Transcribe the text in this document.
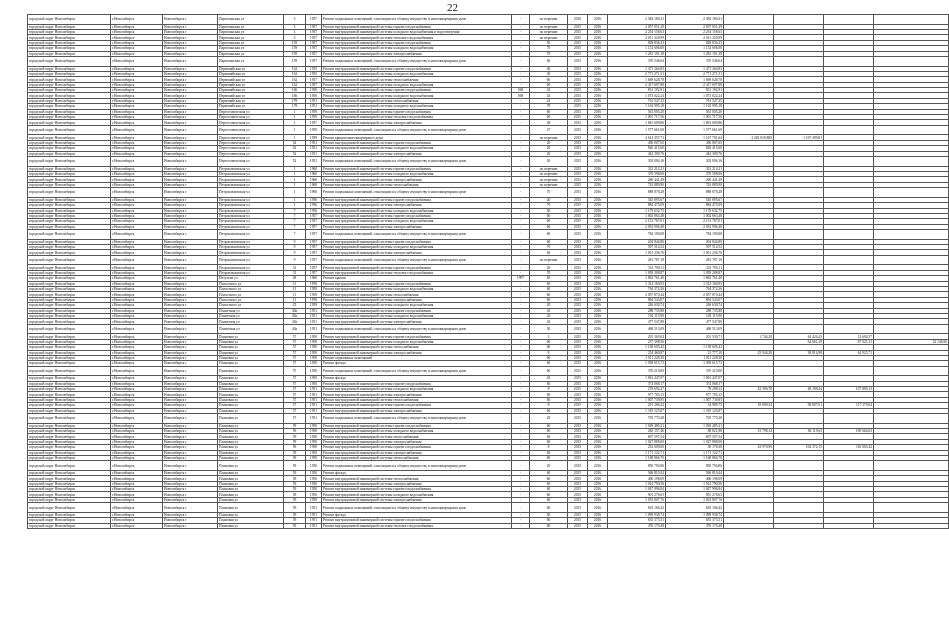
22
городской округ Новосибирск	г.Новосибирск	Новосибирск г	Партизанская ул	3	1957	Ремонт подвальных помещений, относящихся к общему имуществу в многоквартирном доме	-	по перечню	2016	2016	2 384 180,41	2 384 180,41				
городской округ Новосибирск	г.Новосибирск	Новосибирск г	Партизанская ул	3	1957	Ремонт внутридомовой инженерной системы горячего водоснабжения	-	по перечню	2015	2016	2 057 051,29	2 057 051,29				
городской округ Новосибирск	г.Новосибирск	Новосибирск г	Партизанская ул	3	1957	Ремонт внутридомовой инженерной системы холодного водоснабжения и водоотведения	-	по перечню	2015	2016	2 254 158,63	2 254 158,63				
городской округ Новосибирск	г.Новосибирск	Новосибирск г	Партизанская ул	3	1957	Ремонт внутридомовой инженерной системы теплового водоснабжения	-	по перечню	2015	2016	2 011 320,99	2 011 320,99				
городской округ Новосибирск	г.Новосибирск	Новосибирск г	Партизанская ул	159	1957	Ремонт внутридомовой инженерной системы горячего водоснабжения	-	50	2015	2016	828 836,23	828 836,23				
городской округ Новосибирск	г.Новосибирск	Новосибирск г	Партизанская ул	159	1957	Ремонт внутридомовой инженерной системы холодного водоснабжения	-	70	2015	2016	1 152 606,00	1 152 606,00				
городской округ Новосибирск	г.Новосибирск	Новосибирск г	Партизанская ул	159	1957	Ремонт внутридомовой инженерной системы электроснабжения	-	70	2015	2016	1 281 191,38	1 281 191,38				
городской округ Новосибирск	г.Новосибирск	Новосибирск г	Партизанская ул	159	1957	Ремонт подвальных помещений, относящихся к общему имуществу в многоквартирном доме	-	60	2015	2016	370 546,64	370 546,64				
городской округ Новосибирск	г.Новосибирск	Новосибирск г	Первомайская ул	162	1955	Ремонт внутридомовой инженерной системы горячего водоснабжения	-	40	2015	2016	1 471 364,83	1 471 364,83				
городской округ Новосибирск	г.Новосибирск	Новосибирск г	Первомайская ул	162	1955	Ремонт внутридомовой инженерной системы холодного водоснабжения	-	30	2015	2016	2 771 271,51	2 771 271,51				
городской округ Новосибирск	г.Новосибирск	Новосибирск г	Первомайская ул	162	1957	Ремонт внутридомовой инженерной системы теплоснабжения	-	60	2015	2016	1 669 628,78	1 669 628,78				
городской округ Новосибирск	г.Новосибирск	Новосибирск г	Первомайская ул	162	1957	Ремонт внутридомовой инженерной системы холодного водоснабжения	-	60	2015	2016	2 417 697,88	2 417 697,88				
городской округ Новосибирск	г.Новосибирск	Новосибирск г	Первомайская ул	166	1956	Ремонт внутридомовой инженерной системы горячего водоснабжения	568	43	2015	2016	831 192,91	831 192,91				
городской округ Новосибирск	г.Новосибирск	Новосибирск г	Первомайская ул	166	1956	Ремонт внутридомовой инженерной системы холодного водоснабжения	568	43	2015	2016	1 073 022,24	1 073 022,24				
городской округ Новосибирск	г.Новосибирск	Новосибирск г	Первомайская ул	178	1951	Ремонт внутридомовой инженерной системы теплоснабжения	-	22	2015	2016	761 547,25	761 547,25				
городской округ Новосибирск	г.Новосибирск	Новосибирск г	Первомайская ул	178	1951	Ремонт внутридомовой инженерной системы холодного водоснабжения	-	78	2015	2016	1 163 995,18	1 163 995,18				
городской округ Новосибирск	г.Новосибирск	Новосибирск г	Переселенческая ул	1	1959	Ремонт внутридомовой инженерной системы горячего водоснабжения	-	60	2015	2016	561 005,20	561 005,20				
городской округ Новосибирск	г.Новосибирск	Новосибирск г	Переселенческая ул	1	1959	Ремонт внутридомовой инженерной системы теплового водоснабжения	-	60	2015	2016	1 001 717,56	1 001 717,56				
городской округ Новосибирск	г.Новосибирск	Новосибирск г	Переселенческая ул	1	1957	Ремонт внутридомовой инженерной системы электроснабжения	-	48	2015	2016	1 861 609,86	1 861 609,86				
городской округ Новосибирск	г.Новосибирск	Новосибирск г	Переселенческая ул	1	1959	Ремонт подвальных помещений, относящихся к общему имуществу в многоквартирном доме	-	27	2015	2016	1 577 661,69	1 577 661,69				
городской округ Новосибирск	г.Новосибирск	Новосибирск г	Переселенческая ул	1	1959	Ремонт крыши многоквартирного дома	-	по перечню	2015	2016	4 612 357,71	1 167 701,64	2 281 818,809	1 167 299,81		
городской округ Новосибирск	г.Новосибирск	Новосибирск г	Переселенческая ул	52	1951	Ремонт внутридомовой инженерной системы горячего водоснабжения	-	20	2015	2016	456 007,65	456 007,65				
городской округ Новосибирск	г.Новосибирск	Новосибирск г	Переселенческая ул	52	1951	Ремонт внутридомовой инженерной системы холодного водоснабжения	-	20	2015	2016	826 415,60	826 415,60				
городской округ Новосибирск	г.Новосибирск	Новосибирск г	Переселенческая ул	52	1951	Ремонт внутридомовой инженерной системы электроснабжения	-	20	2015	2016	442 309,76	442 309,76				
городской округ Новосибирск	г.Новосибирск	Новосибирск г	Переселенческая ул	52	1951	Ремонт подвальных помещений, относящихся к общему имуществу в многоквартирном доме	-	20	2015	2016	302 094,16	302 094,16				
городской округ Новосибирск	г.Новосибирск	Новосибирск г	Петропавловская ул	1	1960	Ремонт внутридомовой инженерной системы горячего водоснабжения	-	по перечню	2015	2016	312 214,21	312 214,21				
городской округ Новосибирск	г.Новосибирск	Новосибирск г	Петропавловская ул	1	1960	Ремонт внутридомовой инженерной системы холодного водоснабжения	-	по перечню	2015	2016	370 598,06	370 598,06				
городской округ Новосибирск	г.Новосибирск	Новосибирск г	Петропавловская ул	1	1960	Ремонт внутридомовой инженерной системы электроснабжения	-	по перечню	2015	2016	260 441,49	260 441,49				
городской округ Новосибирск	г.Новосибирск	Новосибирск г	Петропавловская ул	1	1960	Ремонт внутридомовой инженерной системы теплоснабжения	-	по перечню	2015	2016	743 889,90	743 889,90				
городской округ Новосибирск	г.Новосибирск	Новосибирск г	Петропавловская ул	1	1960	Ремонт подвальных помещений, относящихся к общему имуществу в многоквартирном доме	-	70	2015	2016	888 878,28	888 878,28				
городской округ Новосибирск	г.Новосибирск	Новосибирск г	Петропавловская ул	1	1956	Ремонт внутридомовой инженерной системы горячего водоснабжения	-	20	2015	2016	545 895,67	545 895,67				
городской округ Новосибирск	г.Новосибирск	Новосибирск г	Петропавловская ул	1	1956	Ремонт внутридомовой инженерной системы электроснабжения	-	70	2015	2016	884 475,09	884 475,09				
городской округ Новосибирск	г.Новосибирск	Новосибирск г	Петропавловская ул	7	1956	Ремонт внутридомовой инженерной системы холодного водоснабжения	-	60	2015	2016	1 179 632,75	1 179 632,75				
городской округ Новосибирск	г.Новосибирск	Новосибирск г	Петропавловская ул	7	1957	Ремонт внутридомовой инженерной системы горячего водоснабжения	-	60	2015	2016	1 002 863,48	1 002 863,48				
городской округ Новосибирск	г.Новосибирск	Новосибирск г	Петропавловская ул	7	1957	Ремонт внутридомовой инженерной системы холодного водоснабжения	-	60	2015	2016	2 131 767,01	2 131 767,01				
городской округ Новосибирск	г.Новосибирск	Новосибирск г	Петропавловская ул	7	1957	Ремонт внутридомовой инженерной системы электроснабжения	-	60	2015	2016	2 052 906,48	2 052 906,48				
городской округ Новосибирск	г.Новосибирск	Новосибирск г	Петропавловская ул	7	1957	Ремонт подвальных помещений, относящихся к общему имуществу в многоквартирном доме	-	60	2015	2016	784 190,08	784 190,08				
городской округ Новосибирск	г.Новосибирск	Новосибирск г	Петропавловская ул	9	1957	Ремонт внутридомовой инженерной системы горячего водоснабжения	-	60	2015	2016	204 844,80	204 844,80				
городской округ Новосибирск	г.Новосибирск	Новосибирск г	Петропавловская ул	9	1957	Ремонт внутридомовой инженерной системы холодного водоснабжения	-	70	2015	2016	597 514,52	597 514,52				
городской округ Новосибирск	г.Новосибирск	Новосибирск г	Петропавловская ул	9	1957	Ремонт внутридомовой инженерной системы электроснабжения	-	60	2015	2016	1 051 236,76	1 051 236,76				
городской округ Новосибирск	г.Новосибирск	Новосибирск г	Петропавловская ул	9	1957	Ремонт подвальных помещений, относящихся к общему имуществу в многоквартирном доме	-	по перечню	2015	2016	281 787,18	281 787,18				
городской округ Новосибирск	г.Новосибирск	Новосибирск г	Петропавловская ул	31	1957	Ремонт внутридомовой инженерной системы горячего водоснабжения	-	20	2015	2016	331 790,11	331 790,11				
городской округ Новосибирск	г.Новосибирск	Новосибирск г	Петропавловская ул	31	1957	Ремонт внутридомовой инженерной системы теплового водоснабжения	-	70	2015	2016	1 059 208,87	1 059 208,87				
городской округ Новосибирск	г.Новосибирск	Новосибирск г	Петухова ул	48	1960	Ремонт крыши	1997	65	2015	2016	1 863 761,40	1 863 761,40				
городской округ Новосибирск	г.Новосибирск	Новосибирск г	Плахотного ул	11	1959	Ремонт внутридомовой инженерной системы горячего водоснабжения	-	60	2015	2016	1 312 160,93	1 312 160,93				
городской округ Новосибирск	г.Новосибирск	Новосибирск г	Плахотного ул	11	1959	Ремонт внутридомовой инженерной системы холодного водоснабжения	-	60	2015	2016	764 374,36	764 374,36				
городской округ Новосибирск	г.Новосибирск	Новосибирск г	Плахотного ул	11	1959	Ремонт внутридомовой инженерной системы теплоснабжения	-	60	2015	2016	2 057 870,44	2 057 870,44				
городской округ Новосибирск	г.Новосибирск	Новосибирск г	Плахотного ул	11	1959	Ремонт внутридомовой инженерной системы электроснабжения	-	60	2015	2016	894 543,07	894 543,07				
городской округ Новосибирск	г.Новосибирск	Новосибирск г	Плахотного ул	25	1959	Ремонт внутридомовой инженерной системы холодного водоснабжения	-	20	2015	2016	246 630,74	246 630,74				
городской округ Новосибирск	г.Новосибирск	Новосибирск г	Планетная ул	40а	1951	Ремонт внутридомовой инженерной системы горячего водоснабжения	-	43	2015	2016	288 735,88	288 735,88				
городской округ Новосибирск	г.Новосибирск	Новосибирск г	Планетная ул	40а	1951	Ремонт внутридомовой инженерной системы холодного водоснабжения	-	43	2015	2016	102 115,90	102 115,90				
городской округ Новосибирск	г.Новосибирск	Новосибирск г	Планетная ул	40а	1951	Ремонт внутридомовой инженерной системы электроснабжения	-	43	2015	2016	477 547,89	477 547,89				
городской округ Новосибирск	г.Новосибирск	Новосибирск г	Планетная ул	40а	1951	Ремонт подвальных помещений, относящихся к общему имуществу в многоквартирном доме	-	30	2015	2016	468 513,09	468 513,09				
городской округ Новосибирск	г.Новосибирск	Новосибирск г	Плановая ул	57	1950	Ремонт внутридомовой инженерной системы горячего водоснабжения	-	3	2015	2016	201 369,04	201 530,71	1 744,28	44 424,43	12 694,57	
городской округ Новосибирск	г.Новосибирск	Новосибирск г	Плановая ул	57	1950	Ремонт внутридомовой инженерной системы холодного водоснабжения	-	60	2015	2016	237 398,56			64 661,29	67 021,31	32 146,96
городской округ Новосибирск	г.Новосибирск	Новосибирск г	Плановая ул	57	1950	Ремонт внутридомовой инженерной системы теплоснабжения	-	60	2015	2016	1 138 605,42	1 138 605,42				
городской округ Новосибирск	г.Новосибирск	Новосибирск г	Плановая ул	57	1950	Ремонт внутридомовой инженерной системы электроснабжения	-	8	2015	2016	254 460,87	21 777,10	25 944,20	38 814,98	44 925,71	
городской округ Новосибирск	г.Новосибирск	Новосибирск г	Плановая ул	57	1950	Ремонт подвальных помещений	-	60	2015	2016	1 011 228,30	1 011 228,30				
городской округ Новосибирск	г.Новосибирск	Новосибирск г	Плановая ул	57	1950	Ремонт фасада	-	60	2015	2016	1 058 615,73	1 058 615,73				
городской округ Новосибирск	г.Новосибирск	Новосибирск г	Плановая ул	57	1950	Ремонт подвальных помещений, относящихся к общему имуществу в многоквартирном доме	-	60	2015	2016	370 210,00	370 210,00				
городской округ Новосибирск	г.Новосибирск	Новосибирск г	Плановая ул	57	1950	Ремонт фасада	-	43	2015	2016	1 061 447,07	1 061 447,07				
городской округ Новосибирск	г.Новосибирск	Новосибирск г	Плановая ул	57	1950	Ремонт внутридомовой инженерной системы горячего водоснабжения	-	60	2015	2016	374 068,17	374 068,17				
городской округ Новосибирск	г.Новосибирск	Новосибирск г	Плановая ул	57	1951	Ремонт внутридомовой инженерной системы холодного водоснабжения	-	8	2015	2016	278 692,47	78 298,12	43 396,78	48 188,44	107 809,13	
городской округ Новосибирск	г.Новосибирск	Новосибирск г	Плановая ул	57	1951	Ремонт внутридомовой инженерной системы электроснабжения	-	60	2015	2016	977 705,15	977 705,15				
городской округ Новосибирск	г.Новосибирск	Новосибирск г	Плановая ул	57	1951	Ремонт внутридомовой инженерной системы теплоснабжения	-	60	2015	2016	1 007 739,85	1 007 739,85				
городской округ Новосибирск	г.Новосибирск	Новосибирск г	Плановая ул	57	1951	Ремонт внутридомовой инженерной системы горячего водоснабжения	-	8	2015	2016	291 286,42	34 989,75	18 809,34	58 807,61	117 379,04	
городской округ Новосибирск	г.Новосибирск	Новосибирск г	Плановая ул	57	1951	Ремонт внутридомовой инженерной системы электроснабжения	-	60	2015	2016	1 319 125,87	1 319 125,87				
городской округ Новосибирск	г.Новосибирск	Новосибирск г	Плановая ул	57	1951	Ремонт подвальных помещений, относящихся к общему имуществу в многоквартирном доме	-	20	2015	2016	705 770,28	705 770,28				
городской округ Новосибирск	г.Новосибирск	Новосибирск г	Плановая ул	59	1950	Ремонт внутридомовой инженерной системы горячего водоснабжения	-	60	2015	2016	1 029 485,21	1 029 485,21				
городской округ Новосибирск	г.Новосибирск	Новосибирск г	Плановая ул	59	1950	Ремонт внутридомовой инженерной системы холодного водоснабжения	-	60	2015	2016	265 157,46	88 821,88	15 798,14	84 119,63	100 664,63	
городской округ Новосибирск	г.Новосибирск	Новосибирск г	Плановая ул	59	1950	Ремонт внутридомовой инженерной системы теплоснабжения	-	60	2015	2016	697 597,54	697 597,54				
городской округ Новосибирск	г.Новосибирск	Новосибирск г	Плановая ул	59	1950	Ремонт внутридомовой инженерной системы электроснабжения	-	60	2015	2016	1 027 888,00	1 027 888,00				
городской округ Новосибирск	г.Новосибирск	Новосибирск г	Плановая ул	59	1950	Ремонт внутридомовой инженерной системы горячего водоснабжения	-	8	2015	2016	252 609,60	30 178,38	43 978,96	104 372,15	116 003,42	
городской округ Новосибирск	г.Новосибирск	Новосибирск г	Плановая ул	59	1950	Ремонт внутридомовой инженерной системы электроснабжения	-	60	2015	2016	1 171 122,71	1 171 122,71				
городской округ Новосибирск	г.Новосибирск	Новосибирск г	Плановая ул	59	1950	Ремонт внутридомовой инженерной системы теплоснабжения	-	60	2015	2016	1 168 866,70	1 168 866,70				
городской округ Новосибирск	г.Новосибирск	Новосибирск г	Плановая ул	59	1950	Ремонт подвальных помещений, относящихся к общему имуществу в многоквартирном доме	-	20	2015	2016	850 794,86	850 794,86				
городской округ Новосибирск	г.Новосибирск	Новосибирск г	Плановая ул	59	1950	Ремонт фасада	-	60	2015	2016	566 810,44	566 810,44				
городской округ Новосибирск	г.Новосибирск	Новосибирск г	Плановая ул	59	1950	Ремонт внутридомовой инженерной системы теплоснабжения	-	60	2015	2016	406 198,09	406 198,09				
городской округ Новосибирск	г.Новосибирск	Новосибирск г	Плановая ул	59	1950	Ремонт внутридомовой инженерной системы электроснабжения	-	60	2015	2016	1 014 790,56	1 014 790,56				
городской округ Новосибирск	г.Новосибирск	Новосибирск г	Плановая ул	59	1950	Ремонт внутридомовой инженерной системы горячего водоснабжения	-	60	2015	2016	1 047 996,84	1 047 996,84				
городской округ Новосибирск	г.Новосибирск	Новосибирск г	Плановая ул	59	1950	Ремонт внутридомовой инженерной системы холодного водоснабжения	-	60	2015	2016	901 278,65	901 278,65				
городской округ Новосибирск	г.Новосибирск	Новосибирск г	Плановая ул	59	1950	Ремонт внутридомовой инженерной системы электроснабжения	-	60	2015	2016	1 033 807,76	1 033 807,76				
городской округ Новосибирск	г.Новосибирск	Новосибирск г	Плановая ул	59	1951	Ремонт подвальных помещений, относящихся к общему имуществу в многоквартирном доме	-	60	2015	2016	635 166,42	635 166,42				
городской округ Новосибирск	г.Новосибирск	Новосибирск г	Плановая ул	59	1951	Ремонт фасада	-	60	2015	2016	1 099 938,74	1 099 938,74				
городской округ Новосибирск	г.Новосибирск	Новосибирск г	Плановая ул	59	1951	Ремонт внутридомовой инженерной системы горячего водоснабжения	-	60	2015	2016	655 373,51	655 373,51				
городской округ Новосибирск	г.Новосибирск	Новосибирск г	Плановая ул	59	1951	Ремонт внутридомовой инженерной системы теплового водоснабжения	-	60	2015	2016	476 170,48	476 170,48				
